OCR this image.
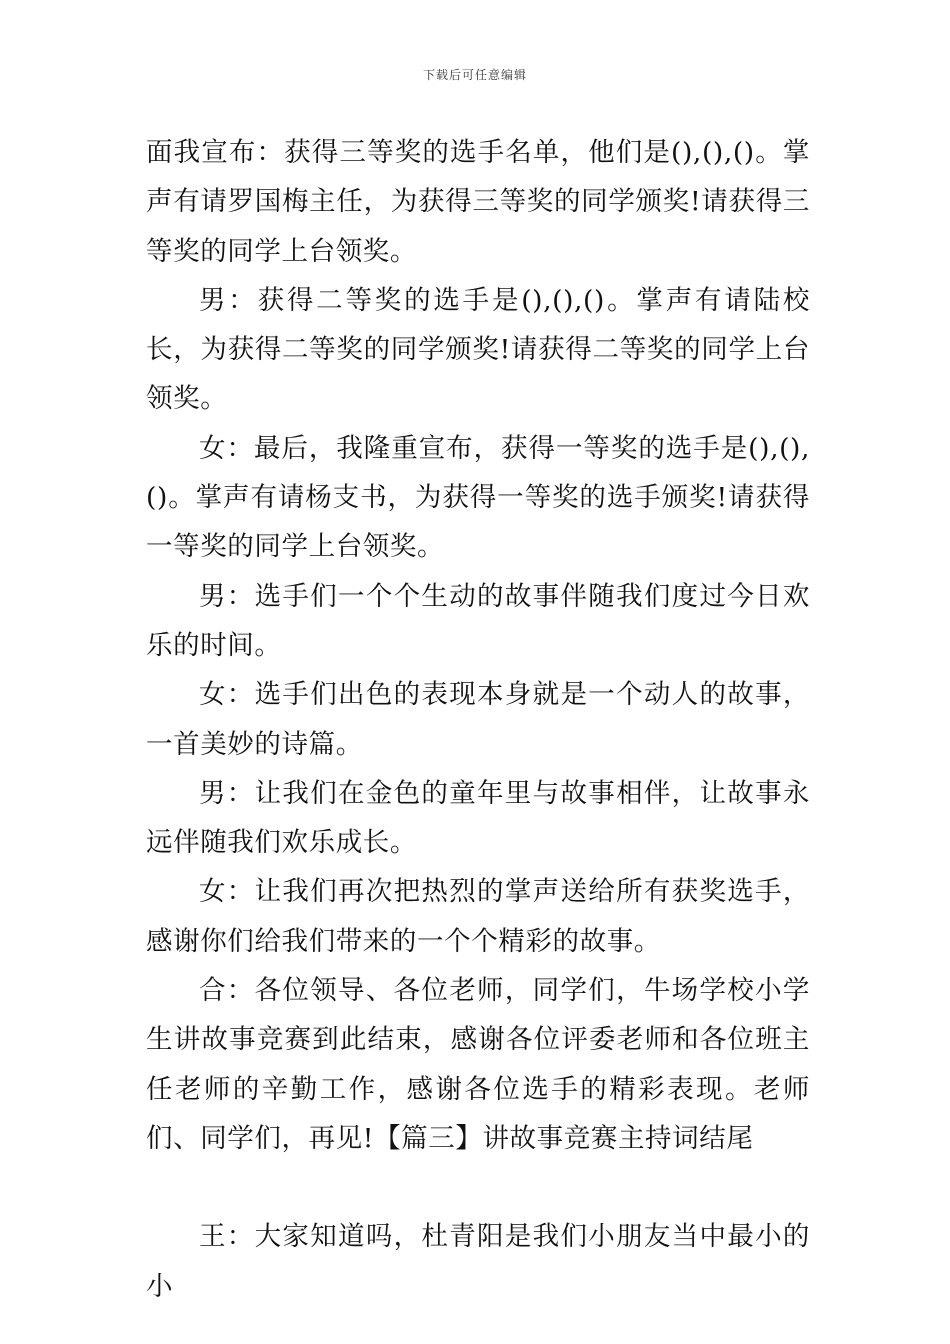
下载后可任意编辑

面我宣布：获得三等奖的选手名单，他们是(),(),()。掌声有请罗国梅主任，为获得三等奖的同学颁奖!请获得三等奖的同学上台领奖。

男：获得二等奖的选手是(),(),()。掌声有请陆校长，为获得二等奖的同学颁奖!请获得二等奖的同学上台领奖。

女：最后，我隆重宣布，获得一等奖的选手是(),(),()。掌声有请杨支书，为获得一等奖的选手颁奖!请获得一等奖的同学上台领奖。

男：选手们一个个生动的故事伴随我们度过今日欢乐的时间。

女：选手们出色的表现本身就是一个动人的故事，一首美妙的诗篇。

男：让我们在金色的童年里与故事相伴，让故事永远伴随我们欢乐成长。

女：让我们再次把热烈的掌声送给所有获奖选手，感谢你们给我们带来的一个个精彩的故事。

合：各位领导、各位老师，同学们，牛场学校小学生讲故事竞赛到此结束，感谢各位评委老师和各位班主任老师的辛勤工作，感谢各位选手的精彩表现。老师们、同学们，再见!【篇三】讲故事竞赛主持词结尾

王：大家知道吗，杜青阳是我们小朋友当中最小的小
